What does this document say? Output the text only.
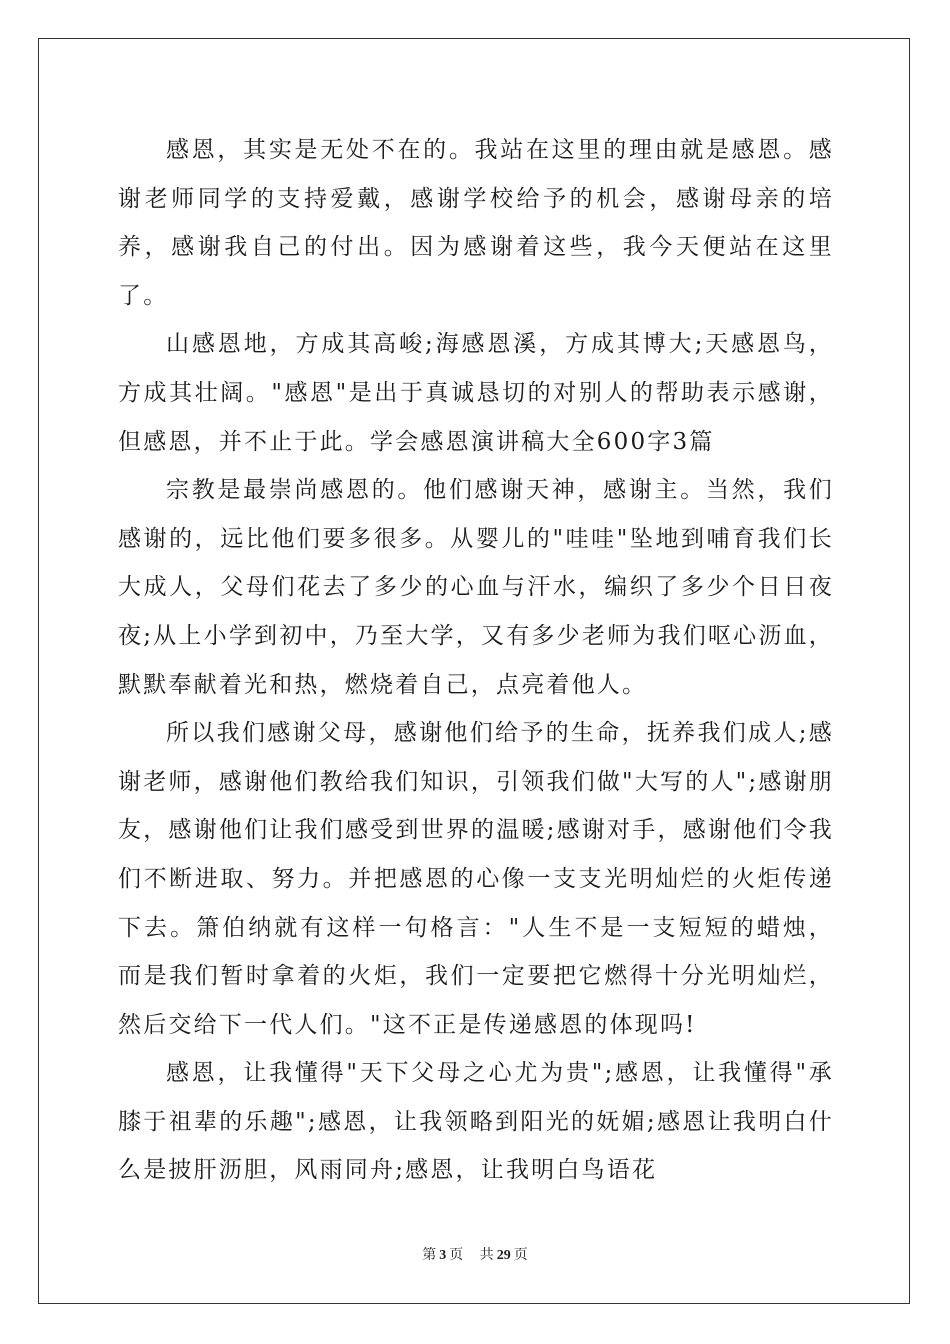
感恩，其实是无处不在的。我站在这里的理由就是感恩。感谢老师同学的支持爱戴，感谢学校给予的机会，感谢母亲的培养，感谢我自己的付出。因为感谢着这些，我今天便站在这里了。

山感恩地，方成其高峻;海感恩溪，方成其博大;天感恩鸟，方成其壮阔。"感恩"是出于真诚恳切的对别人的帮助表示感谢，但感恩，并不止于此。学会感恩演讲稿大全600字3篇

宗教是最崇尚感恩的。他们感谢天神，感谢主。当然，我们感谢的，远比他们要多很多。从婴儿的"哇哇"坠地到哺育我们长大成人，父母们花去了多少的心血与汗水，编织了多少个日日夜夜;从上小学到初中，乃至大学，又有多少老师为我们呕心沥血，默默奉献着光和热，燃烧着自己，点亮着他人。

所以我们感谢父母，感谢他们给予的生命，抚养我们成人;感谢老师，感谢他们教给我们知识，引领我们做"大写的人";感谢朋友，感谢他们让我们感受到世界的温暖;感谢对手，感谢他们令我们不断进取、努力。并把感恩的心像一支支光明灿烂的火炬传递下去。箫伯纳就有这样一句格言："人生不是一支短短的蜡烛，而是我们暂时拿着的火炬，我们一定要把它燃得十分光明灿烂，然后交给下一代人们。"这不正是传递感恩的体现吗!

感恩，让我懂得"天下父母之心尤为贵";感恩，让我懂得"承膝于祖辈的乐趣";感恩，让我领略到阳光的妩媚;感恩让我明白什么是披肝沥胆，风雨同舟;感恩，让我明白鸟语花

第 3 页 共 29 页
